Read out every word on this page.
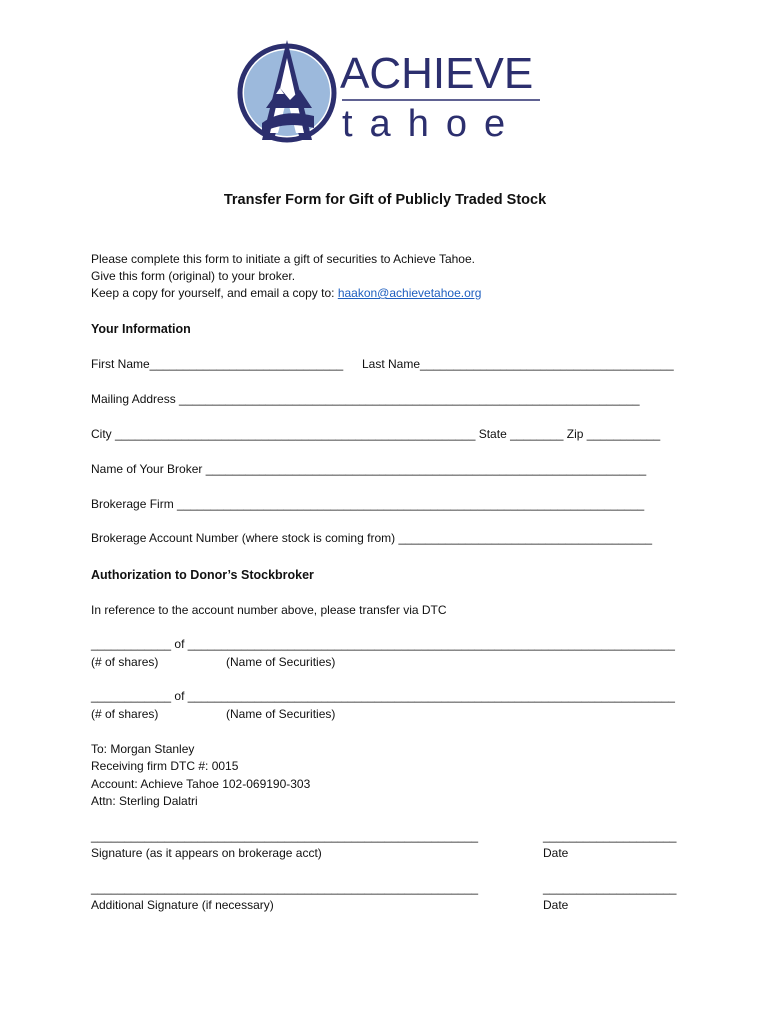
ACHIEVE
tahoe
Transfer Form for Gift of Publicly Traded Stock
Please complete this form to initiate a gift of securities to Achieve Tahoe.
Give this form (original) to your broker.
Keep a copy for yourself, and email a copy to: haakon@achievetahoe.org
Your Information
First Name_____________________________ Last Name______________________________________
Mailing Address _____________________________________________________________________
City ______________________________________________________ State ________ Zip ___________
Name of Your Broker __________________________________________________________________
Brokerage Firm ______________________________________________________________________
Brokerage Account Number (where stock is coming from) ______________________________________
Authorization to Donor’s Stockbroker
In reference to the account number above, please transfer via DTC
____________ of _________________________________________________________________________
(# of shares)	(Name of Securities)
____________ of _________________________________________________________________________
(# of shares)	(Name of Securities)
To: Morgan Stanley
Receiving firm DTC #: 0015
Account: Achieve Tahoe 102-069190-303
Attn: Sterling Dalatri
__________________________________________________________	____________________
Signature (as it appears on brokerage acct)	Date
__________________________________________________________	____________________
Additional Signature (if necessary)	Date
